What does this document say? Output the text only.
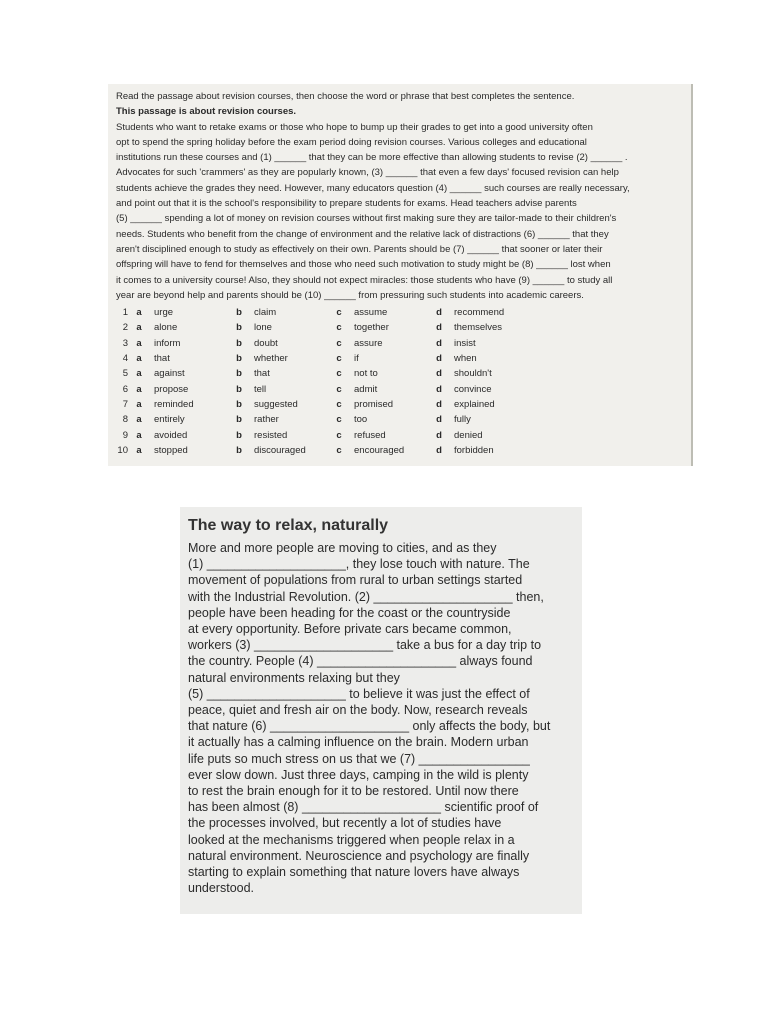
Read the passage about revision courses, then choose the word or phrase that best completes the sentence.
This passage is about revision courses.
Students who want to retake exams or those who hope to bump up their grades to get into a good university often
opt to spend the spring holiday before the exam period doing revision courses. Various colleges and educational
institutions run these courses and (1) ______ that they can be more effective than allowing students to revise (2) ______ .
Advocates for such 'crammers' as they are popularly known, (3) ______ that even a few days' focused revision can help
students achieve the grades they need. However, many educators question (4) ______ such courses are really necessary,
and point out that it is the school's responsibility to prepare students for exams. Head teachers advise parents
(5) ______ spending a lot of money on revision courses without first making sure they are tailor-made to their children's
needs. Students who benefit from the change of environment and the relative lack of distractions (6) ______ that they
aren't disciplined enough to study as effectively on their own. Parents should be (7) ______ that sooner or later their
offspring will have to fend for themselves and those who need such motivation to study might be (8) ______ lost when
it comes to a university course! Also, they should not expect miracles: those students who have (9) ______ to study all
year are beyond help and parents should be (10) ______ from pressuring such students into academic careers.
1 a	urge	b	claim	c	assume	d	recommend
2 a	alone	b	lone	c	together	d	themselves
3 a	inform	b	doubt	c	assure	d	insist
4 a	that	b	whether	c	if	d	when
5 a	against	b	that	c	not to	d	shouldn't
6 a	propose	b	tell	c	admit	d	convince
7 a	reminded	b	suggested	c	promised	d	explained
8 a	entirely	b	rather	c	too	d	fully
9 a	avoided	b	resisted	c	refused	d	denied
10 a	stopped	b	discouraged	c	encouraged	d	forbidden
The way to relax, naturally
More and more people are moving to cities, and as they
(1) ____________________, they lose touch with nature. The
movement of populations from rural to urban settings started
with the Industrial Revolution. (2) ____________________ then,
people have been heading for the coast or the countryside
at every opportunity. Before private cars became common,
workers (3) ____________________ take a bus for a day trip to
the country. People (4) ____________________ always found
natural environments relaxing but they
(5) ____________________ to believe it was just the effect of
peace, quiet and fresh air on the body. Now, research reveals
that nature (6) ____________________ only affects the body, but
it actually has a calming influence on the brain. Modern urban
life puts so much stress on us that we (7) ________________
ever slow down. Just three days, camping in the wild is plenty
to rest the brain enough for it to be restored. Until now there
has been almost (8) ____________________ scientific proof of
the processes involved, but recently a lot of studies have
looked at the mechanisms triggered when people relax in a
natural environment. Neuroscience and psychology are finally
starting to explain something that nature lovers have always
understood.
